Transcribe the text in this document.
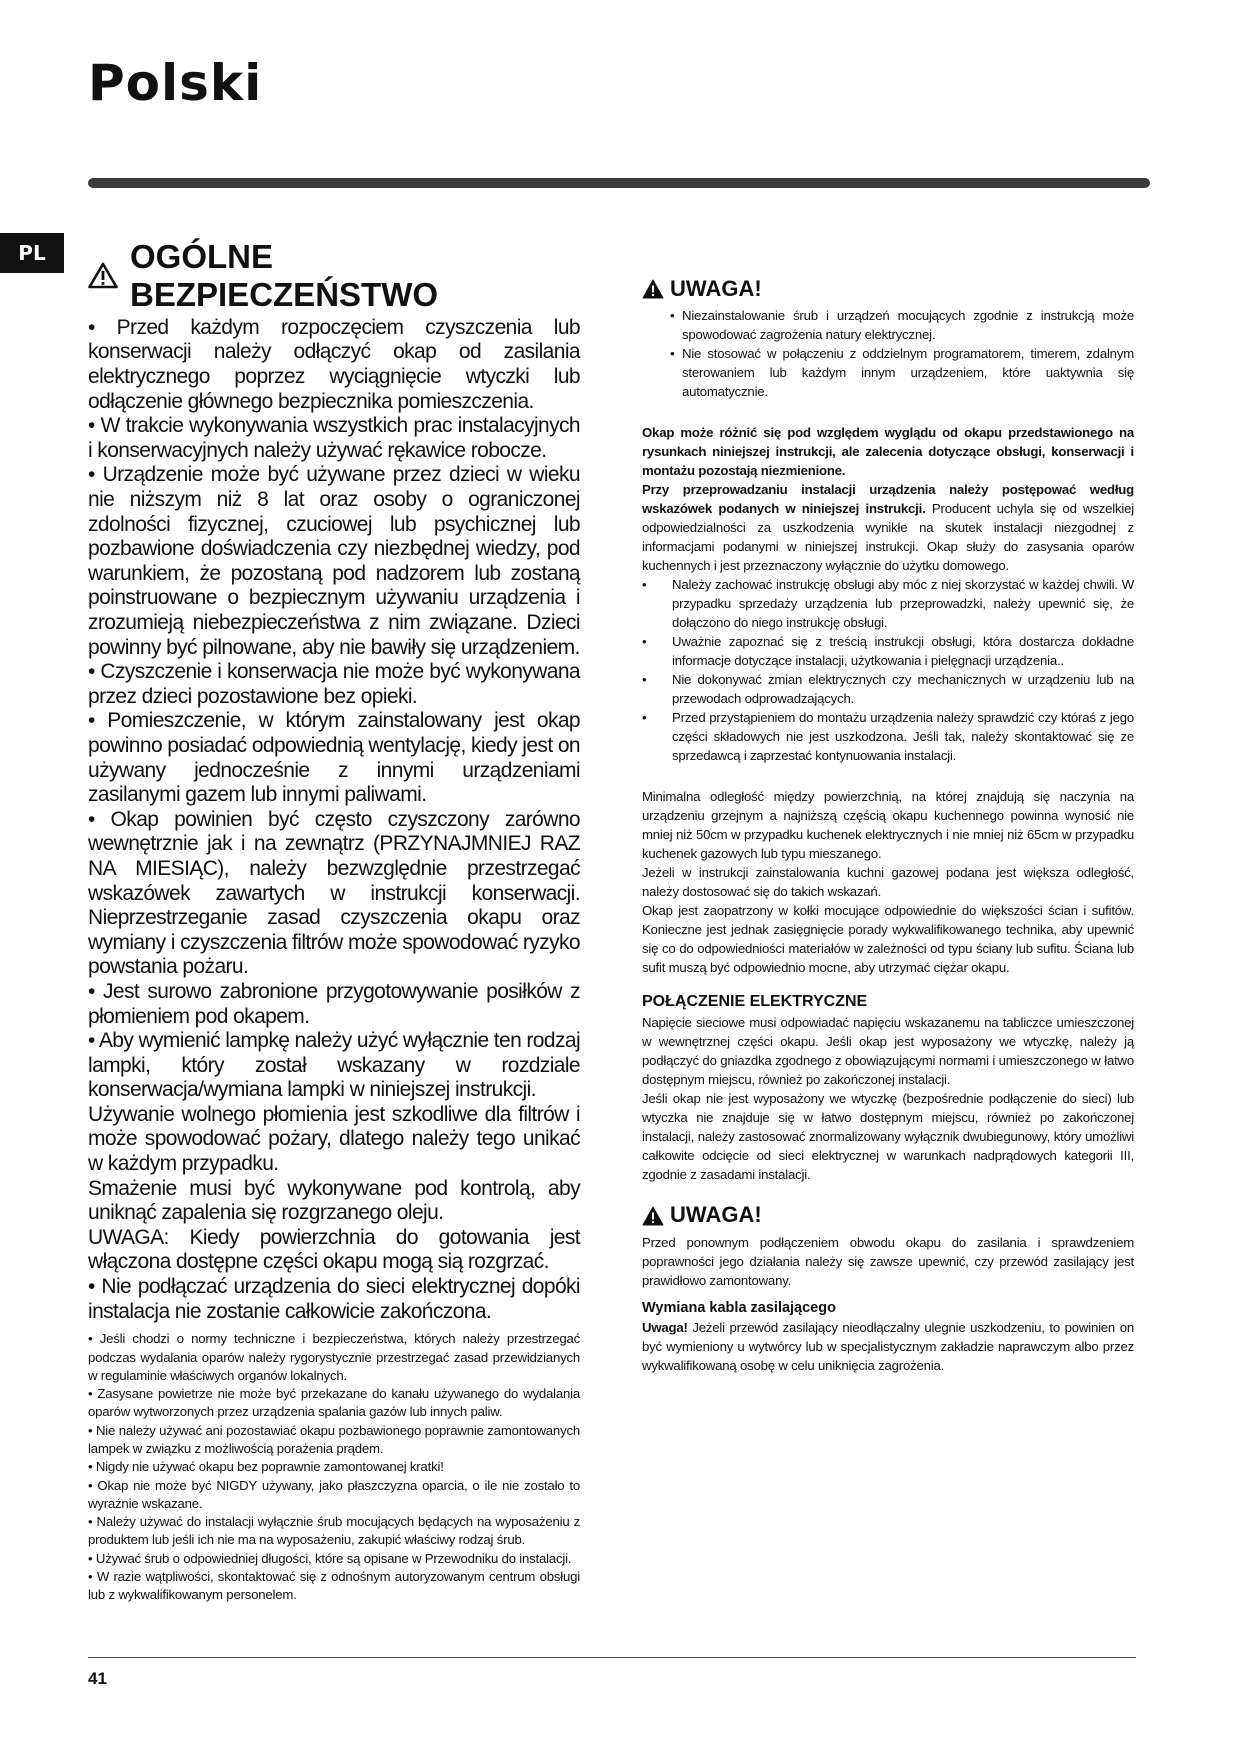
Polski
PL	OGÓLNE BEZPIECZEŃSTWO

• Przed każdym rozpoczęciem czyszczenia lub konserwacji należy odłączyć okap od zasilania elektrycznego poprzez wyciągnięcie wtyczki lub odłączenie głównego bezpiecznika pomieszczenia.

• W trakcie wykonywania wszystkich prac instalacyjnych i konserwacyjnych należy używać rękawice robocze.

• Urządzenie może być używane przez dzieci w wieku nie niższym niż 8 lat oraz osoby o ograniczonej zdolności fizycznej, czuciowej lub psychicznej lub pozbawione doświadczenia czy niezbędnej wiedzy, pod warunkiem, że pozostaną pod nadzorem lub zostaną poinstruowane o bezpiecznym używaniu urządzenia i zrozumieją niebezpieczeństwa z nim związane. Dzieci powinny być pilnowane, aby nie bawiły się urządzeniem.

• Czyszczenie i konserwacja nie może być wykonywana przez dzieci pozostawione bez opieki.

• Pomieszczenie, w którym zainstalowany jest okap powinno posiadać odpowiednią wentylację, kiedy jest on używany jednocześnie z innymi urządzeniami zasilanymi gazem lub innymi paliwami.

• Okap powinien być często czyszczony zarówno wewnętrznie jak i na zewnątrz (PRZYNAJMNIEJ RAZ NA MIESIĄC), należy bezwzględnie przestrzegać wskazówek zawartych w instrukcji konserwacji. Nieprzestrzeganie zasad czyszczenia okapu oraz wymiany i czyszczenia filtrów może spowodować ryzyko powstania pożaru.

• Jest surowo zabronione przygotowywanie posiłków z płomieniem pod okapem.

• Aby wymienić lampkę należy użyć wyłącznie ten rodzaj lampki, który został wskazany w rozdziale konserwacja/wymiana lampki w niniejszej instrukcji.

Używanie wolnego płomienia jest szkodliwe dla filtrów i może spowodować pożary, dlatego należy tego unikać w każdym przypadku.

Smażenie musi być wykonywane pod kontrolą, aby uniknąć zapalenia się rozgrzanego oleju.

UWAGA: Kiedy powierzchnia do gotowania jest włączona dostępne części okapu mogą sią rozgrzać.

• Nie podłączać urządzenia do sieci elektrycznej dopóki instalacja nie zostanie całkowicie zakończona.

• Jeśli chodzi o normy techniczne i bezpieczeństwa, których należy przestrzegać podczas wydalania oparów należy rygorystycznie przestrzegać zasad przewidzianych w regulaminie właściwych organów lokalnych.

• Zasysane powietrze nie może być przekazane do kanału używanego do wydalania oparów wytworzonych przez urządzenia spalania gazów lub innych paliw.

• Nie należy używać ani pozostawiać okapu pozbawionego poprawnie zamontowanych lampek w związku z możliwością porażenia prądem.

• Nigdy nie używać okapu bez poprawnie zamontowanej kratki!

• Okap nie może być NIGDY używany, jako płaszczyzna oparcia, o ile nie zostało to wyraźnie wskazane.

• Należy używać do instalacji wyłącznie śrub mocujących będących na wyposażeniu z produktem lub jeśli ich nie ma na wyposażeniu, zakupić właściwy rodzaj śrub.

• Używać śrub o odpowiedniej długości, które są opisane w Przewodniku do instalacji.

• W razie wątpliwości, skontaktować się z odnośnym autoryzowanym centrum obsługi lub z wykwalifikowanym personelem.

UWAGA!
• Niezainstalowanie śrub i urządzeń mocujących zgodnie z instrukcją może spowodować zagrożenia natury elektrycznej.
• Nie stosować w połączeniu z oddzielnym programatorem, timerem, zdalnym sterowaniem lub każdym innym urządzeniem, które uaktywnia się automatycznie.

Okap może różnić się pod względem wyglądu od okapu przedstawionego na rysunkach niniejszej instrukcji, ale zalecenia dotyczące obsługi, konserwacji i montażu pozostają niezmienione.

Przy przeprowadzaniu instalacji urządzenia należy postępować według wskazówek podanych w niniejszej instrukcji. Producent uchyla się od wszelkiej odpowiedzialności za uszkodzenia wynikłe na skutek instalacji niezgodnej z informacjami podanymi w niniejszej instrukcji. Okap służy do zasysania oparów kuchennych i jest przeznaczony wyłącznie do użytku domowego.

• Należy zachować instrukcję obsługi aby móc z niej skorzystać w każdej chwili. W przypadku sprzedaży urządzenia lub przeprowadzki, należy upewnić się, że dołączono do niego instrukcję obsługi.
• Uważnie zapoznać się z treścią instrukcji obsługi, która dostarcza dokładne informacje dotyczące instalacji, użytkowania i pielęgnacji urządzenia..
• Nie dokonywać zmian elektrycznych czy mechanicznych w urządzeniu lub na przewodach odprowadzających.
• Przed przystąpieniem do montażu urządzenia należy sprawdzić czy któraś z jego części składowych nie jest uszkodzona. Jeśli tak, należy skontaktować się ze sprzedawcą i zaprzestać kontynuowania instalacji.

Minimalna odległość między powierzchnią, na której znajdują się naczynia na urządzeniu grzejnym a najniższą częścią okapu kuchennego powinna wynosić nie mniej niż 50cm w przypadku kuchenek elektrycznych i nie mniej niż 65cm w przypadku kuchenek gazowych lub typu mieszanego.

Jeżeli w instrukcji zainstalowania kuchni gazowej podana jest większa odległość, należy dostosować się do takich wskazań.

Okap jest zaopatrzony w kołki mocujące odpowiednie do większości ścian i sufitów. Konieczne jest jednak zasięgnięcie porady wykwalifikowanego technika, aby upewnić się co do odpowiedniości materiałów w zależności od typu ściany lub sufitu. Ściana lub sufit muszą być odpowiednio mocne, aby utrzymać ciężar okapu.

POŁĄCZENIE ELEKTRYCZNE

Napięcie sieciowe musi odpowiadać napięciu wskazanemu na tabliczce umieszczonej w wewnętrznej części okapu. Jeśli okap jest wyposażony we wtyczkę, należy ją podłączyć do gniazdka zgodnego z obowiązującymi normami i umieszczonego w łatwo dostępnym miejscu, również po zakończonej instalacji.

Jeśli okap nie jest wyposażony we wtyczkę (bezpośrednie podłączenie do sieci) lub wtyczka nie znajduje się w łatwo dostępnym miejscu, również po zakończonej instalacji, należy zastosować znormalizowany wyłącznik dwubiegunowy, który umożliwi całkowite odcięcie od sieci elektrycznej w warunkach nadprądowych kategorii III, zgodnie z zasadami instalacji.

UWAGA!

Przed ponownym podłączeniem obwodu okapu do zasilania i sprawdzeniem poprawności jego działania należy się zawsze upewnić, czy przewód zasilający jest prawidłowo zamontowany.

Wymiana kabla zasilającego

Uwaga! Jeżeli przewód zasilający nieodłączalny ulegnie uszkodzeniu, to powinien on być wymieniony u wytwórcy lub w specjalistycznym zakładzie naprawczym albo przez wykwalifikowaną osobę w celu uniknięcia zagrożenia.

41
